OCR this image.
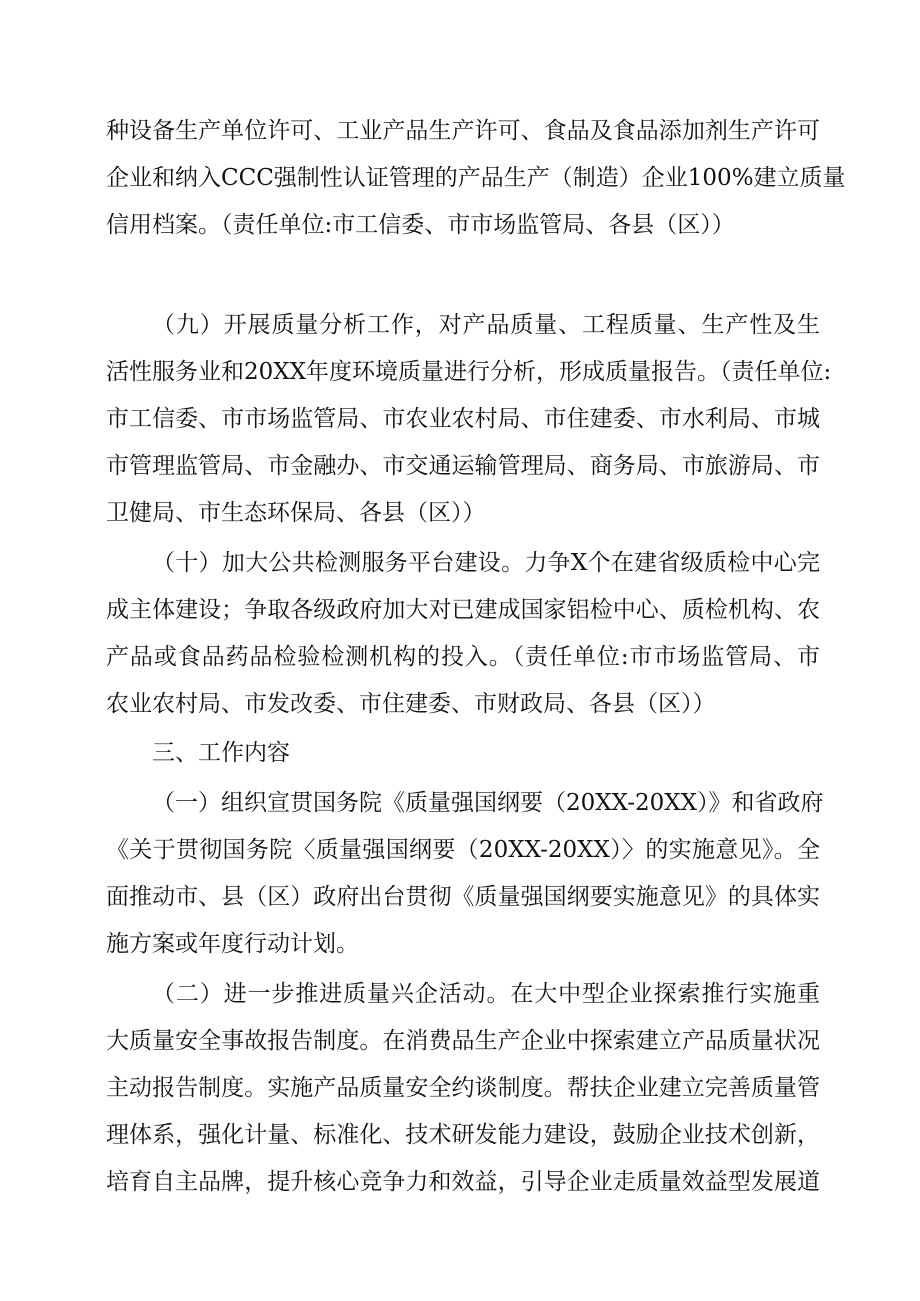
种设备生产单位许可、工业产品生产许可、食品及食品添加剂生产许可
企业和纳入CCC强制性认证管理的产品生产（制造）企业100%建立质量
信用档案。（责任单位:市工信委、市市场监管局、各县（区））
（九）开展质量分析工作，对产品质量、工程质量、生产性及生
活性服务业和20XX年度环境质量进行分析，形成质量报告。（责任单位:
市工信委、市市场监管局、市农业农村局、市住建委、市水利局、市城
市管理监管局、市金融办、市交通运输管理局、商务局、市旅游局、市
卫健局、市生态环保局、各县（区））
（十）加大公共检测服务平台建设。力争X个在建省级质检中心完
成主体建设；争取各级政府加大对已建成国家铝检中心、质检机构、农
产品或食品药品检验检测机构的投入。（责任单位:市市场监管局、市
农业农村局、市发改委、市住建委、市财政局、各县（区））
三、工作内容
（一）组织宣贯国务院《质量强国纲要（20XX-20XX）》和省政府
《关于贯彻国务院〈质量强国纲要（20XX-20XX）〉的实施意见》。全
面推动市、县（区）政府出台贯彻《质量强国纲要实施意见》的具体实
施方案或年度行动计划。
（二）进一步推进质量兴企活动。在大中型企业探索推行实施重
大质量安全事故报告制度。在消费品生产企业中探索建立产品质量状况
主动报告制度。实施产品质量安全约谈制度。帮扶企业建立完善质量管
理体系，强化计量、标准化、技术研发能力建设，鼓励企业技术创新，
培育自主品牌，提升核心竞争力和效益，引导企业走质量效益型发展道
